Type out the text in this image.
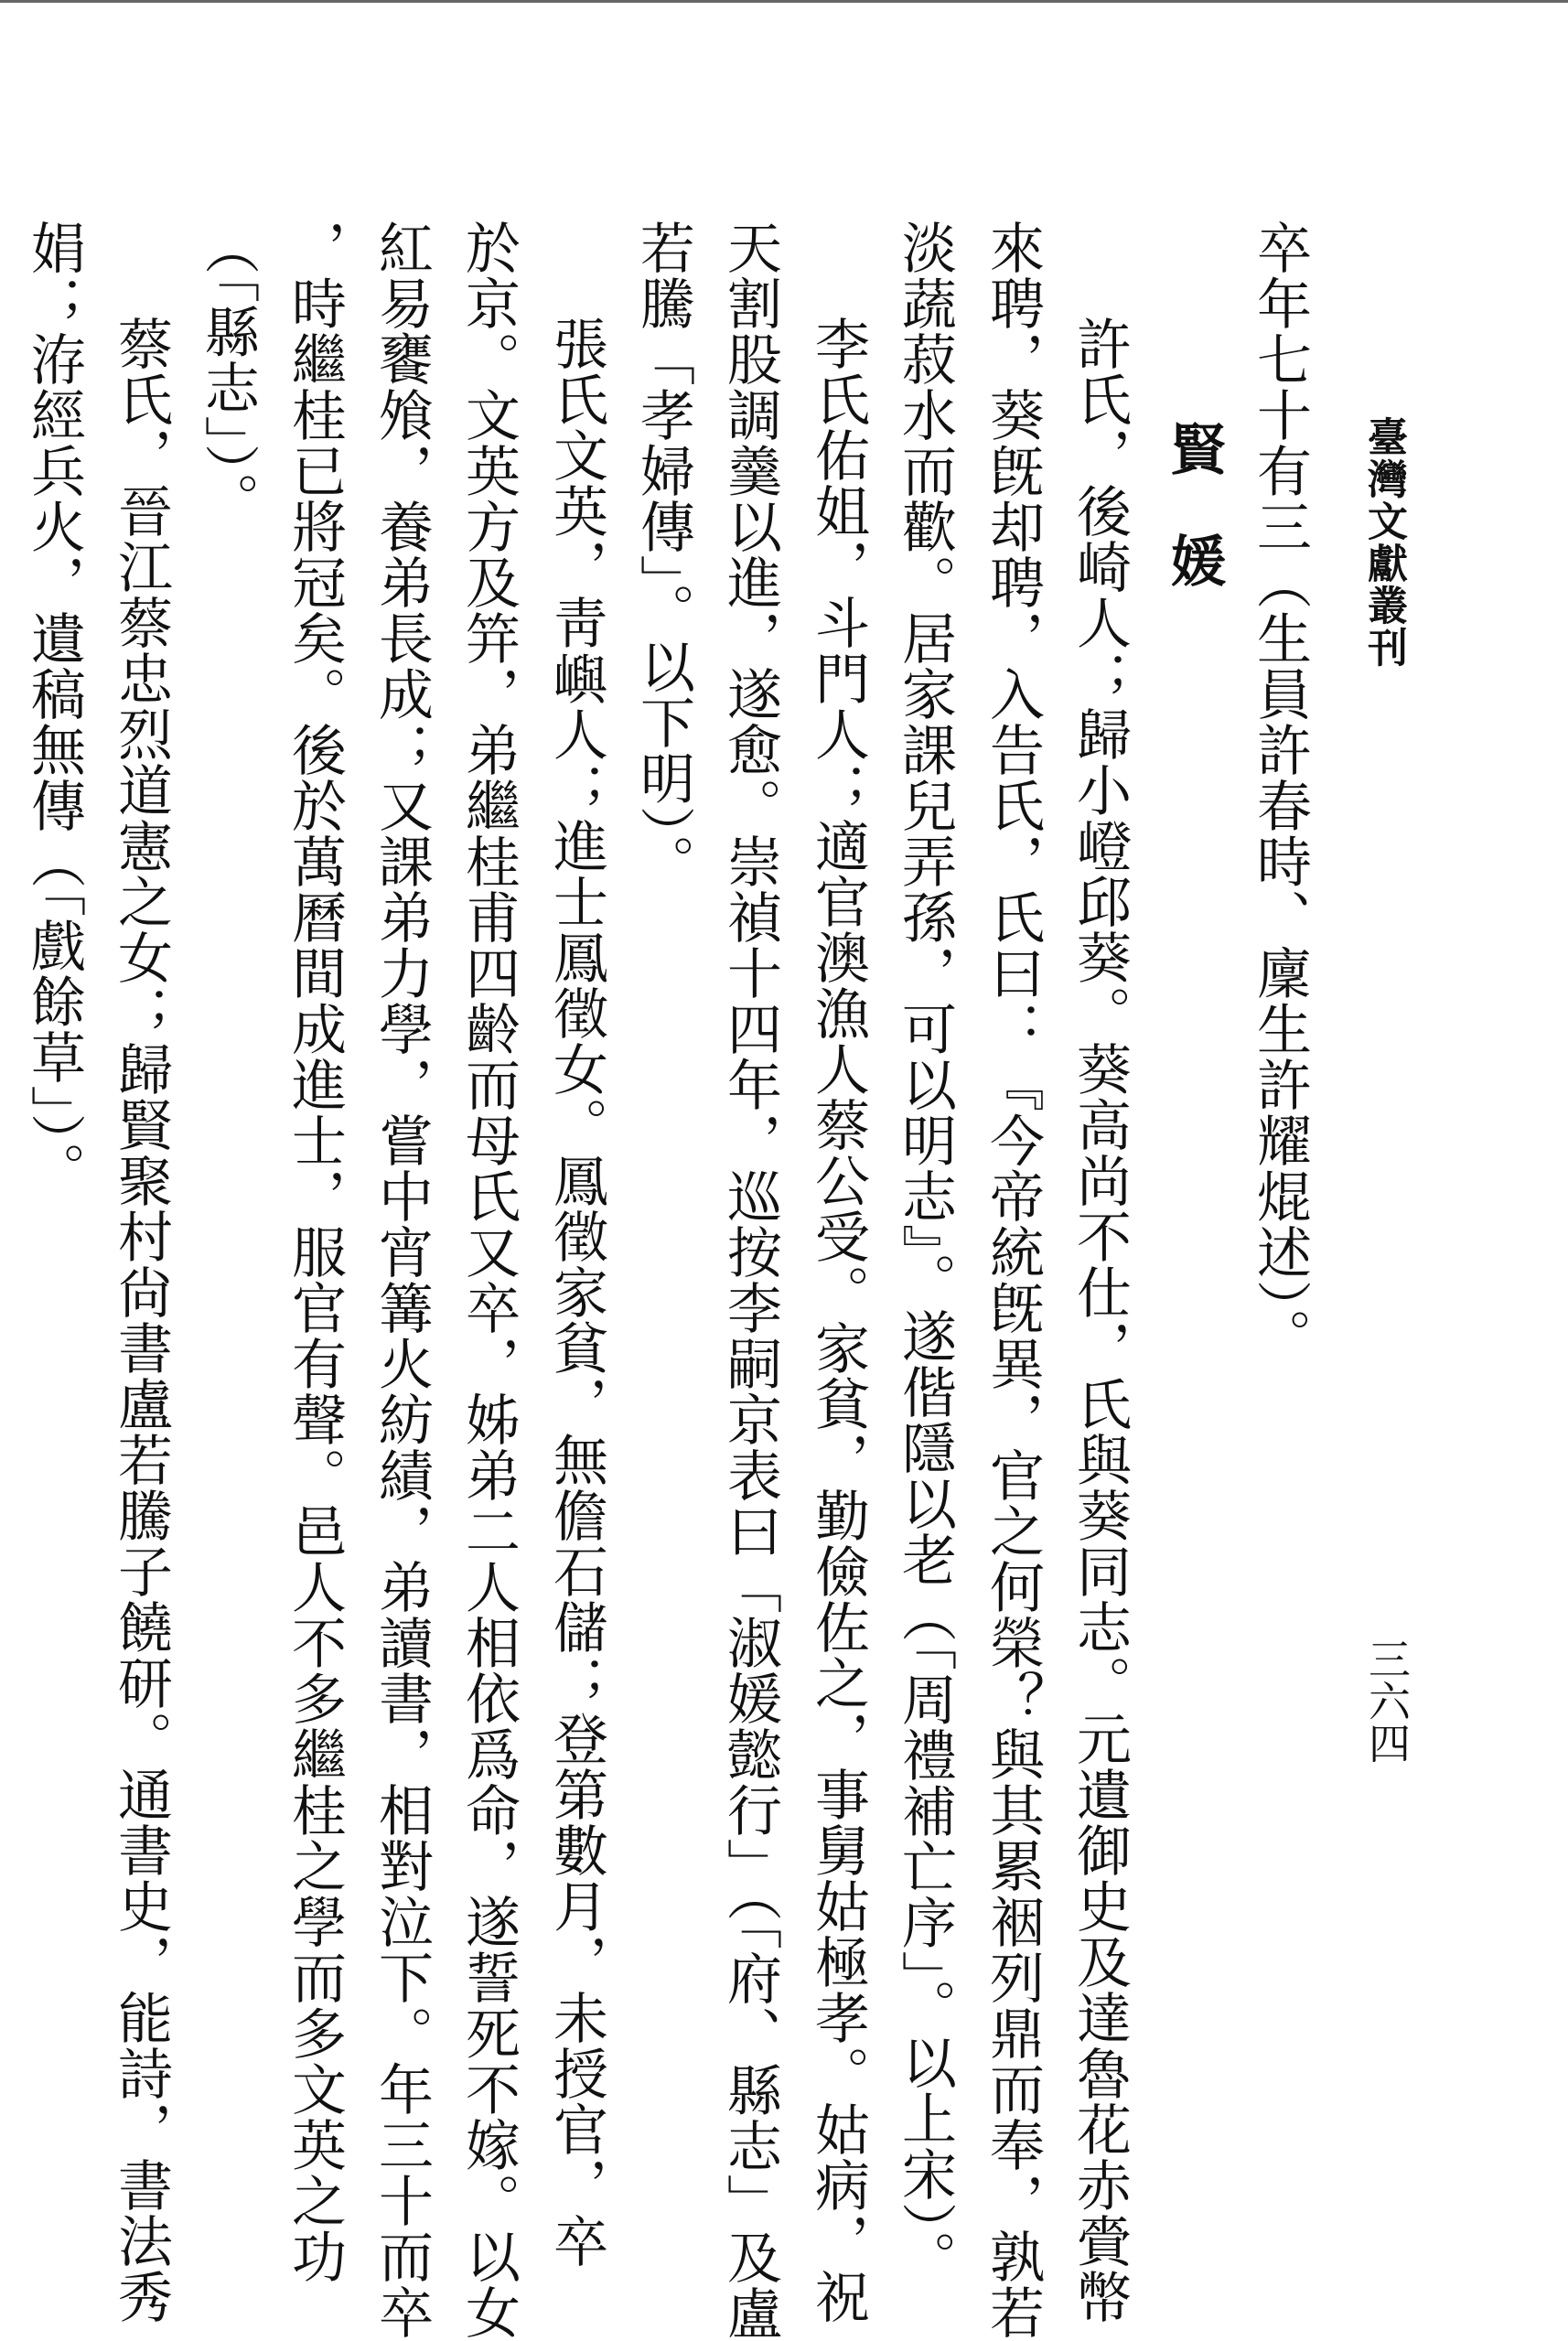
臺灣文獻叢刊
三六四
卒年七十有三（生員許春時、廩生許耀焜述）。
賢　媛
許氏，後崎人；歸小嶝邱葵。葵高尚不仕，氏與葵同志。元遺御史及達魯花赤賫幣
來聘，葵旣却聘，入告氏，氏曰：『今帝統旣異，官之何榮？與其累裀列鼎而奉，孰若
淡蔬菽水而歡。居家課兒弄孫，可以明志』。遂偕隱以老（「周禮補亡序」。以上宋）。
李氏佑姐，斗門人；適官澳漁人蔡公受。家貧，勤儉佐之，事舅姑極孝。姑病，祝
天割股調羹以進，遂愈。崇禎十四年，巡按李嗣京表曰「淑媛懿行」（「府、縣志」及盧
若騰「孝婦傳」。以下明）。
張氏文英，靑嶼人；進士鳳徵女。鳳徵家貧，無儋石儲；登第數月，未授官，卒
於京。文英方及笄，弟繼桂甫四齡而母氏又卒，姊弟二人相依爲命，遂誓死不嫁。以女
紅易饔飧，養弟長成；又課弟力學，嘗中宵篝火紡績，弟讀書，相對泣下。年三十而卒
，時繼桂已將冠矣。後於萬曆間成進士，服官有聲。邑人不多繼桂之學而多文英之功
（「縣志」）。
蔡氏，晉江蔡忠烈道憲之女；歸賢聚村尙書盧若騰子饒研。通書史，能詩，書法秀
娟；洊經兵火，遺稿無傳（「戲餘草」）。
